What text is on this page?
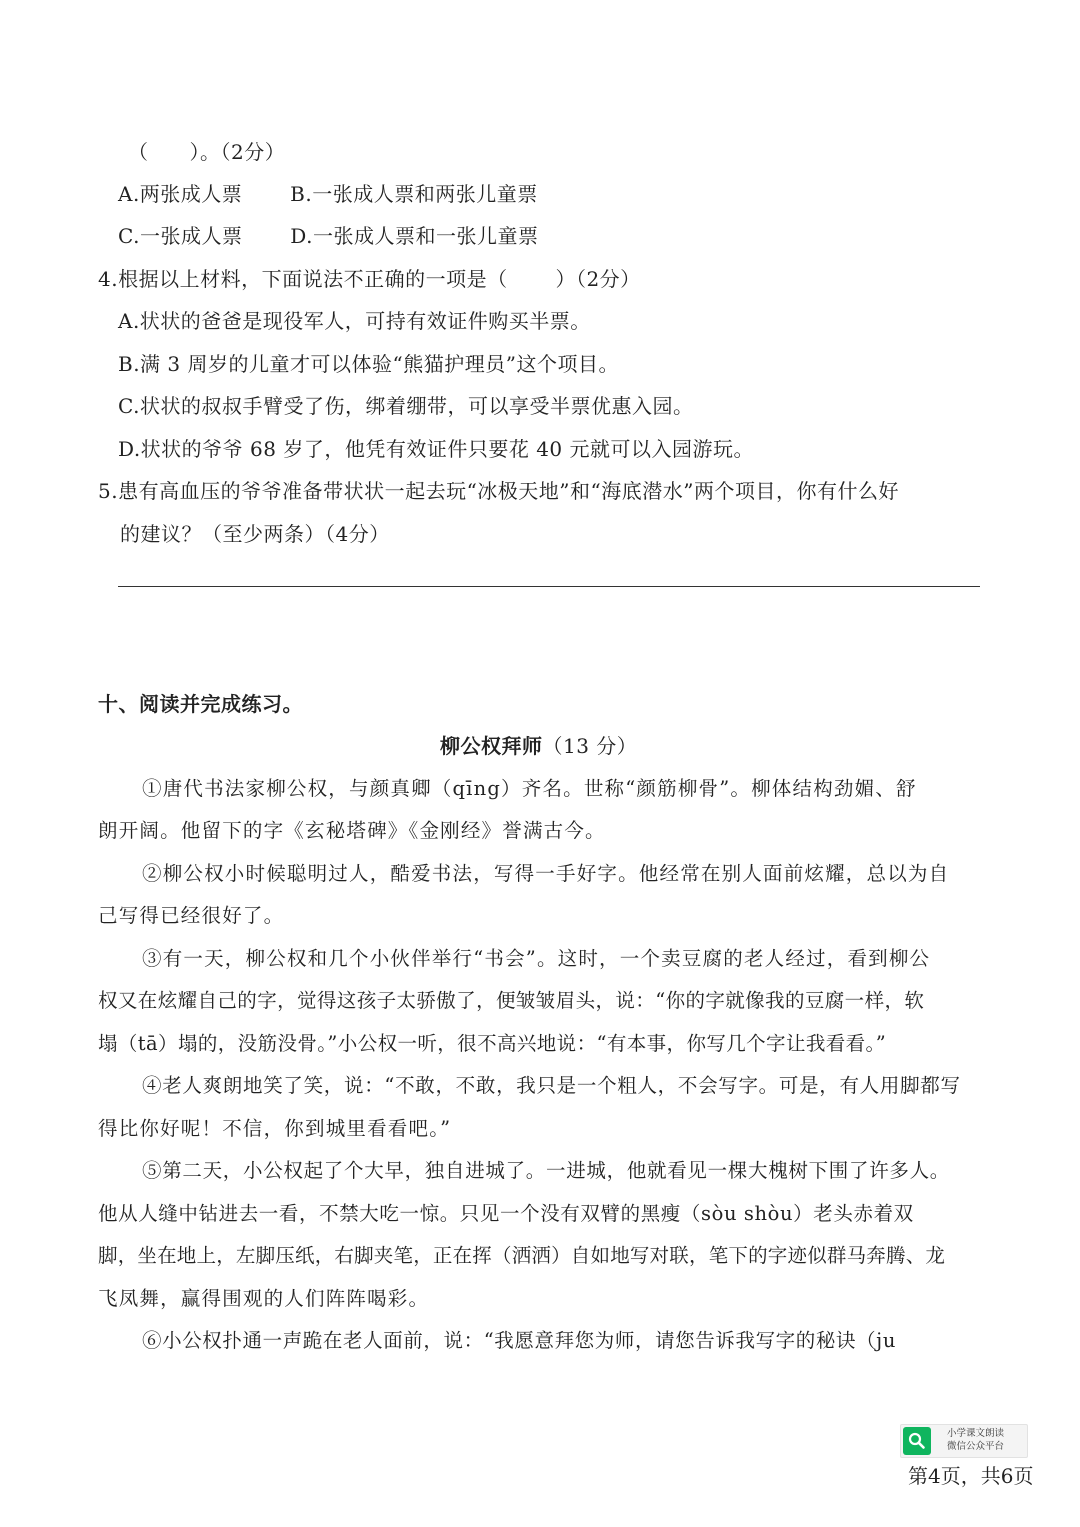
（　　）。（2分）
A.两张成人票　　 B.一张成人票和两张儿童票
C.一张成人票　　 D.一张成人票和一张儿童票
4.根据以上材料，下面说法不正确的一项是（　　 ）（2分）
A.状状的爸爸是现役军人，可持有效证件购买半票。
B.满 3 周岁的儿童才可以体验“熊猫护理员”这个项目。
C.状状的叔叔手臂受了伤，绑着绷带，可以享受半票优惠入园。
D.状状的爷爷 68 岁了，他凭有效证件只要花 40 元就可以入园游玩。
5.患有高血压的爷爷准备带状状一起去玩“冰极天地”和“海底潜水”两个项目，你有什么好
的建议？（至少两条）（4分）
十、阅读并完成练习。
柳公权拜师（13 分）
①唐代书法家柳公权，与颜真卿（qīng）齐名。世称“颜筋柳骨”。柳体结构劲媚、舒
朗开阔。他留下的字《玄秘塔碑》《金刚经》誉满古今。
②柳公权小时候聪明过人，酷爱书法，写得一手好字。他经常在别人面前炫耀，总以为自
己写得已经很好了。
③有一天，柳公权和几个小伙伴举行“书会”。这时，一个卖豆腐的老人经过，看到柳公
权又在炫耀自己的字，觉得这孩子太骄傲了，便皱皱眉头，说：“你的字就像我的豆腐一样，软
塌（tā）塌的，没筋没骨。”小公权一听，很不高兴地说：“有本事，你写几个字让我看看。”
④老人爽朗地笑了笑，说：“不敢，不敢，我只是一个粗人，不会写字。可是，有人用脚都写
得比你好呢！不信，你到城里看看吧。”
⑤第二天，小公权起了个大早，独自进城了。一进城，他就看见一棵大槐树下围了许多人。
他从人缝中钻进去一看，不禁大吃一惊。只见一个没有双臂的黑瘦（sòu shòu）老头赤着双
脚，坐在地上，左脚压纸，右脚夹笔，正在挥（洒洒）自如地写对联，笔下的字迹似群马奔腾、龙
飞凤舞，赢得围观的人们阵阵喝彩。
⑥小公权扑通一声跪在老人面前，说：“我愿意拜您为师，请您告诉我写字的秘诀（ju
小学课文朗读
微信公众平台
第4页，共6页
